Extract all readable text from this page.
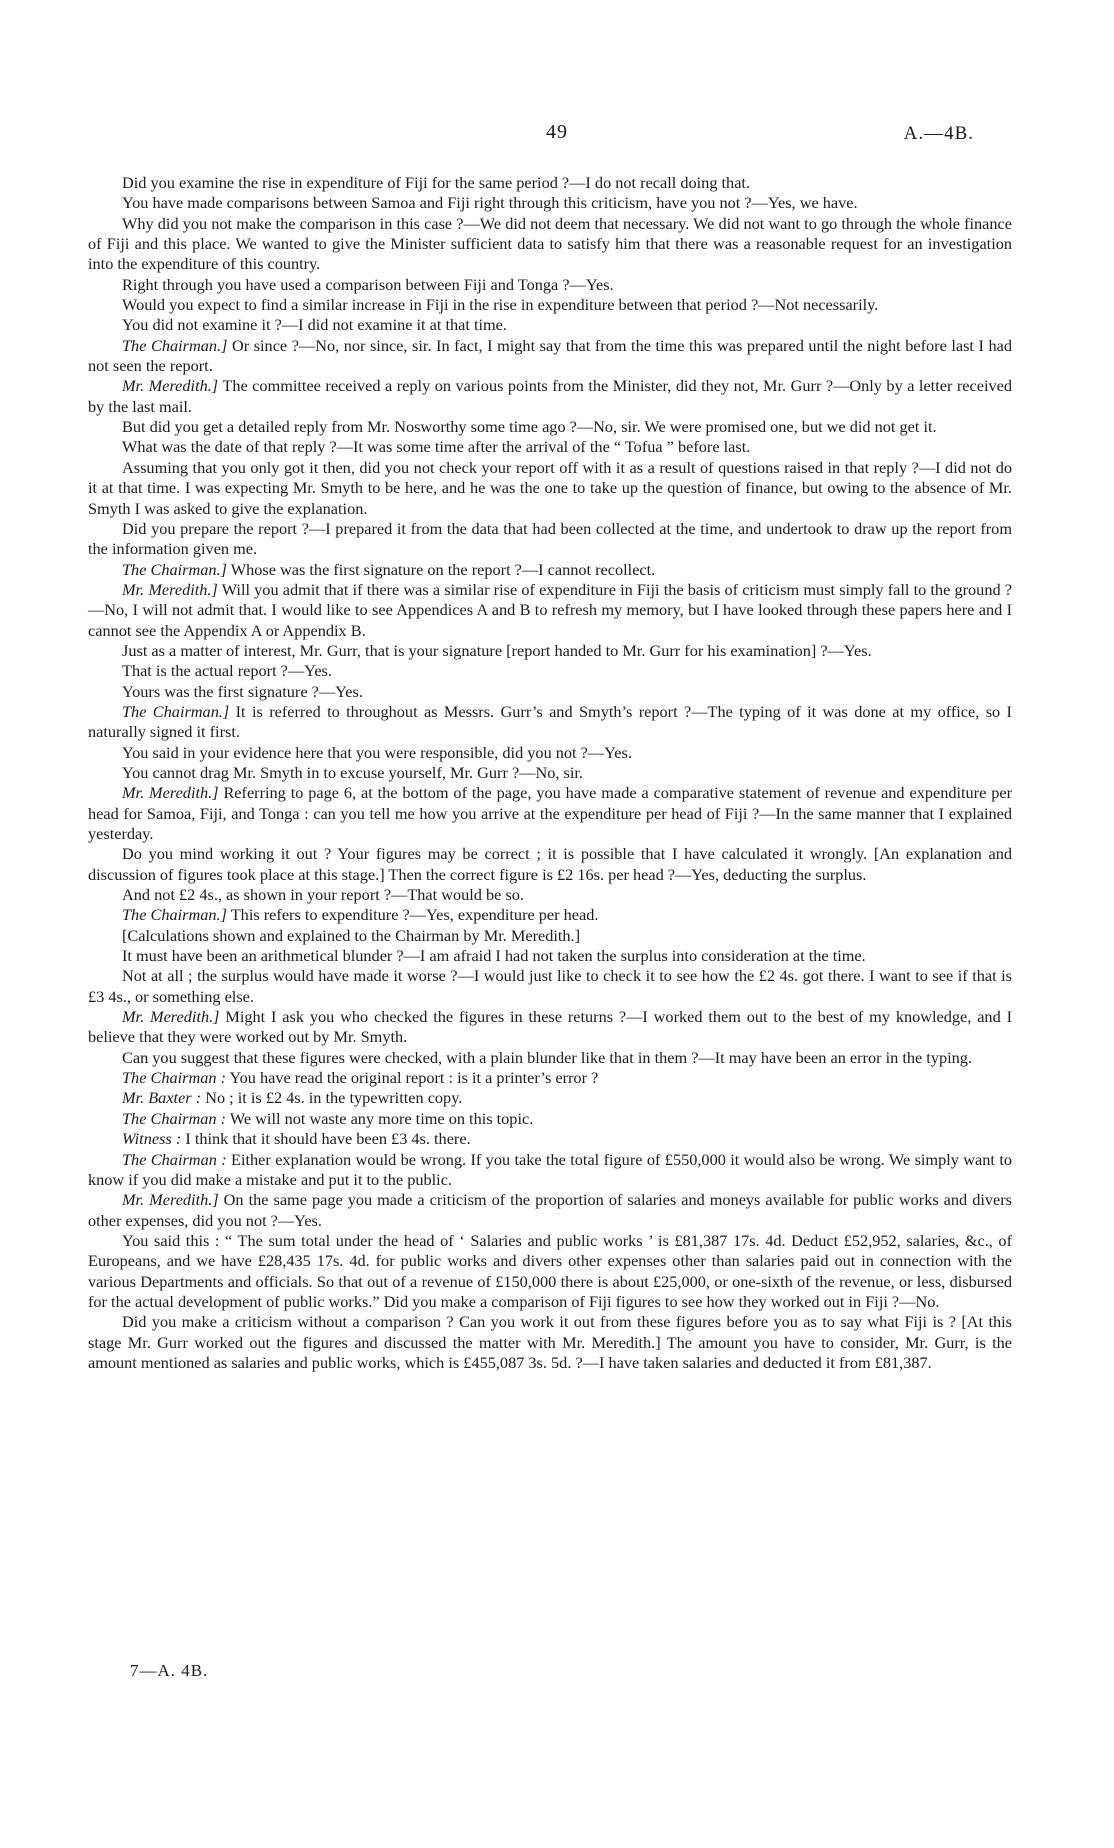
49	A.—4B.

Did you examine the rise in expenditure of Fiji for the same period ?—I do not recall doing that.

You have made comparisons between Samoa and Fiji right through this criticism, have you not ?—Yes, we have.

Why did you not make the comparison in this case ?—We did not deem that necessary. We did not want to go through the whole finance of Fiji and this place. We wanted to give the Minister sufficient data to satisfy him that there was a reasonable request for an investigation into the expenditure of this country.

Right through you have used a comparison between Fiji and Tonga ?—Yes.

Would you expect to find a similar increase in Fiji in the rise in expenditure between that period ?—Not necessarily.

You did not examine it ?—I did not examine it at that time.

The Chairman.] Or since ?—No, nor since, sir. In fact, I might say that from the time this was prepared until the night before last I had not seen the report.

Mr. Meredith.] The committee received a reply on various points from the Minister, did they not, Mr. Gurr ?—Only by a letter received by the last mail.

But did you get a detailed reply from Mr. Nosworthy some time ago ?—No, sir. We were promised one, but we did not get it.

What was the date of that reply ?—It was some time after the arrival of the “ Tofua ” before last.

Assuming that you only got it then, did you not check your report off with it as a result of questions raised in that reply ?—I did not do it at that time. I was expecting Mr. Smyth to be here, and he was the one to take up the question of finance, but owing to the absence of Mr. Smyth I was asked to give the explanation.

Did you prepare the report ?—I prepared it from the data that had been collected at the time, and undertook to draw up the report from the information given me.

The Chairman.] Whose was the first signature on the report ?—I cannot recollect.

Mr. Meredith.] Will you admit that if there was a similar rise of expenditure in Fiji the basis of criticism must simply fall to the ground ?—No, I will not admit that. I would like to see Appendices A and B to refresh my memory, but I have looked through these papers here and I cannot see the Appendix A or Appendix B.

Just as a matter of interest, Mr. Gurr, that is your signature [report handed to Mr. Gurr for his examination] ?—Yes.

That is the actual report ?—Yes.

Yours was the first signature ?—Yes.

The Chairman.] It is referred to throughout as Messrs. Gurr’s and Smyth’s report ?—The typing of it was done at my office, so I naturally signed it first.

You said in your evidence here that you were responsible, did you not ?—Yes.

You cannot drag Mr. Smyth in to excuse yourself, Mr. Gurr ?—No, sir.

Mr. Meredith.] Referring to page 6, at the bottom of the page, you have made a comparative statement of revenue and expenditure per head for Samoa, Fiji, and Tonga : can you tell me how you arrive at the expenditure per head of Fiji ?—In the same manner that I explained yesterday.

Do you mind working it out ? Your figures may be correct ; it is possible that I have calculated it wrongly. [An explanation and discussion of figures took place at this stage.] Then the correct figure is £2 16s. per head ?—Yes, deducting the surplus.

And not £2 4s., as shown in your report ?—That would be so.

The Chairman.] This refers to expenditure ?—Yes, expenditure per head.

[Calculations shown and explained to the Chairman by Mr. Meredith.]

It must have been an arithmetical blunder ?—I am afraid I had not taken the surplus into consideration at the time.

Not at all ; the surplus would have made it worse ?—I would just like to check it to see how the £2 4s. got there. I want to see if that is £3 4s., or something else.

Mr. Meredith.] Might I ask you who checked the figures in these returns ?—I worked them out to the best of my knowledge, and I believe that they were worked out by Mr. Smyth.

Can you suggest that these figures were checked, with a plain blunder like that in them ?—It may have been an error in the typing.

The Chairman : You have read the original report : is it a printer’s error ?

Mr. Baxter : No ; it is £2 4s. in the typewritten copy.

The Chairman : We will not waste any more time on this topic.

Witness : I think that it should have been £3 4s. there.

The Chairman : Either explanation would be wrong. If you take the total figure of £550,000 it would also be wrong. We simply want to know if you did make a mistake and put it to the public.

Mr. Meredith.] On the same page you made a criticism of the proportion of salaries and moneys available for public works and divers other expenses, did you not ?—Yes.

You said this : “ The sum total under the head of ‘ Salaries and public works ’ is £81,387 17s. 4d. Deduct £52,952, salaries, &c., of Europeans, and we have £28,435 17s. 4d. for public works and divers other expenses other than salaries paid out in connection with the various Departments and officials. So that out of a revenue of £150,000 there is about £25,000, or one-sixth of the revenue, or less, disbursed for the actual development of public works.” Did you make a comparison of Fiji figures to see how they worked out in Fiji ?—No.

Did you make a criticism without a comparison ? Can you work it out from these figures before you as to say what Fiji is ? [At this stage Mr. Gurr worked out the figures and discussed the matter with Mr. Meredith.] The amount you have to consider, Mr. Gurr, is the amount mentioned as salaries and public works, which is £455,087 3s. 5d. ?—I have taken salaries and deducted it from £81,387.

7—A. 4B.
